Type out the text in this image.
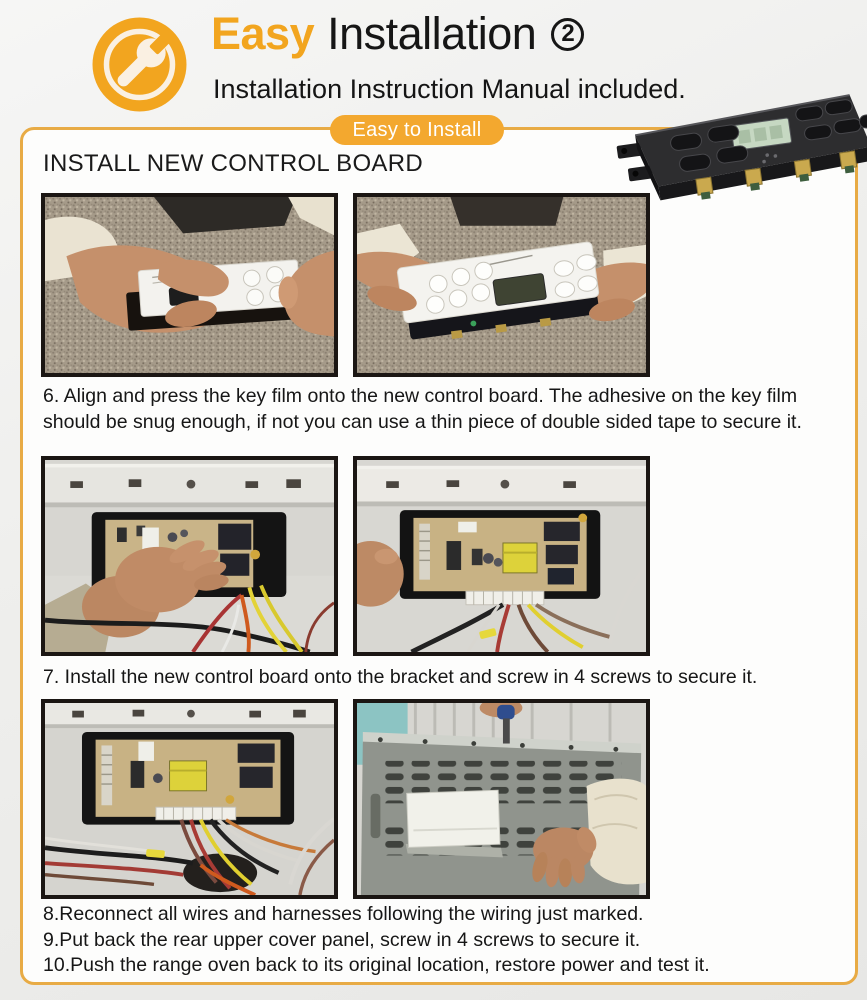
Easy Installation	2

Installation Instruction Manual included.

Easy to Install
INSTALL NEW CONTROL BOARD

6. Align and press the key film onto the new control board. The adhesive on the key film should be snug enough, if not you can use a thin piece of double sided tape to secure it.

7. Install the new control board onto the bracket and screw in 4 screws to secure it.

8.Reconnect all wires and harnesses following the wiring just marked.
9.Put back the rear upper cover panel, screw in 4 screws to secure it.
10.Push the range oven back to its original location, restore power and test it.
